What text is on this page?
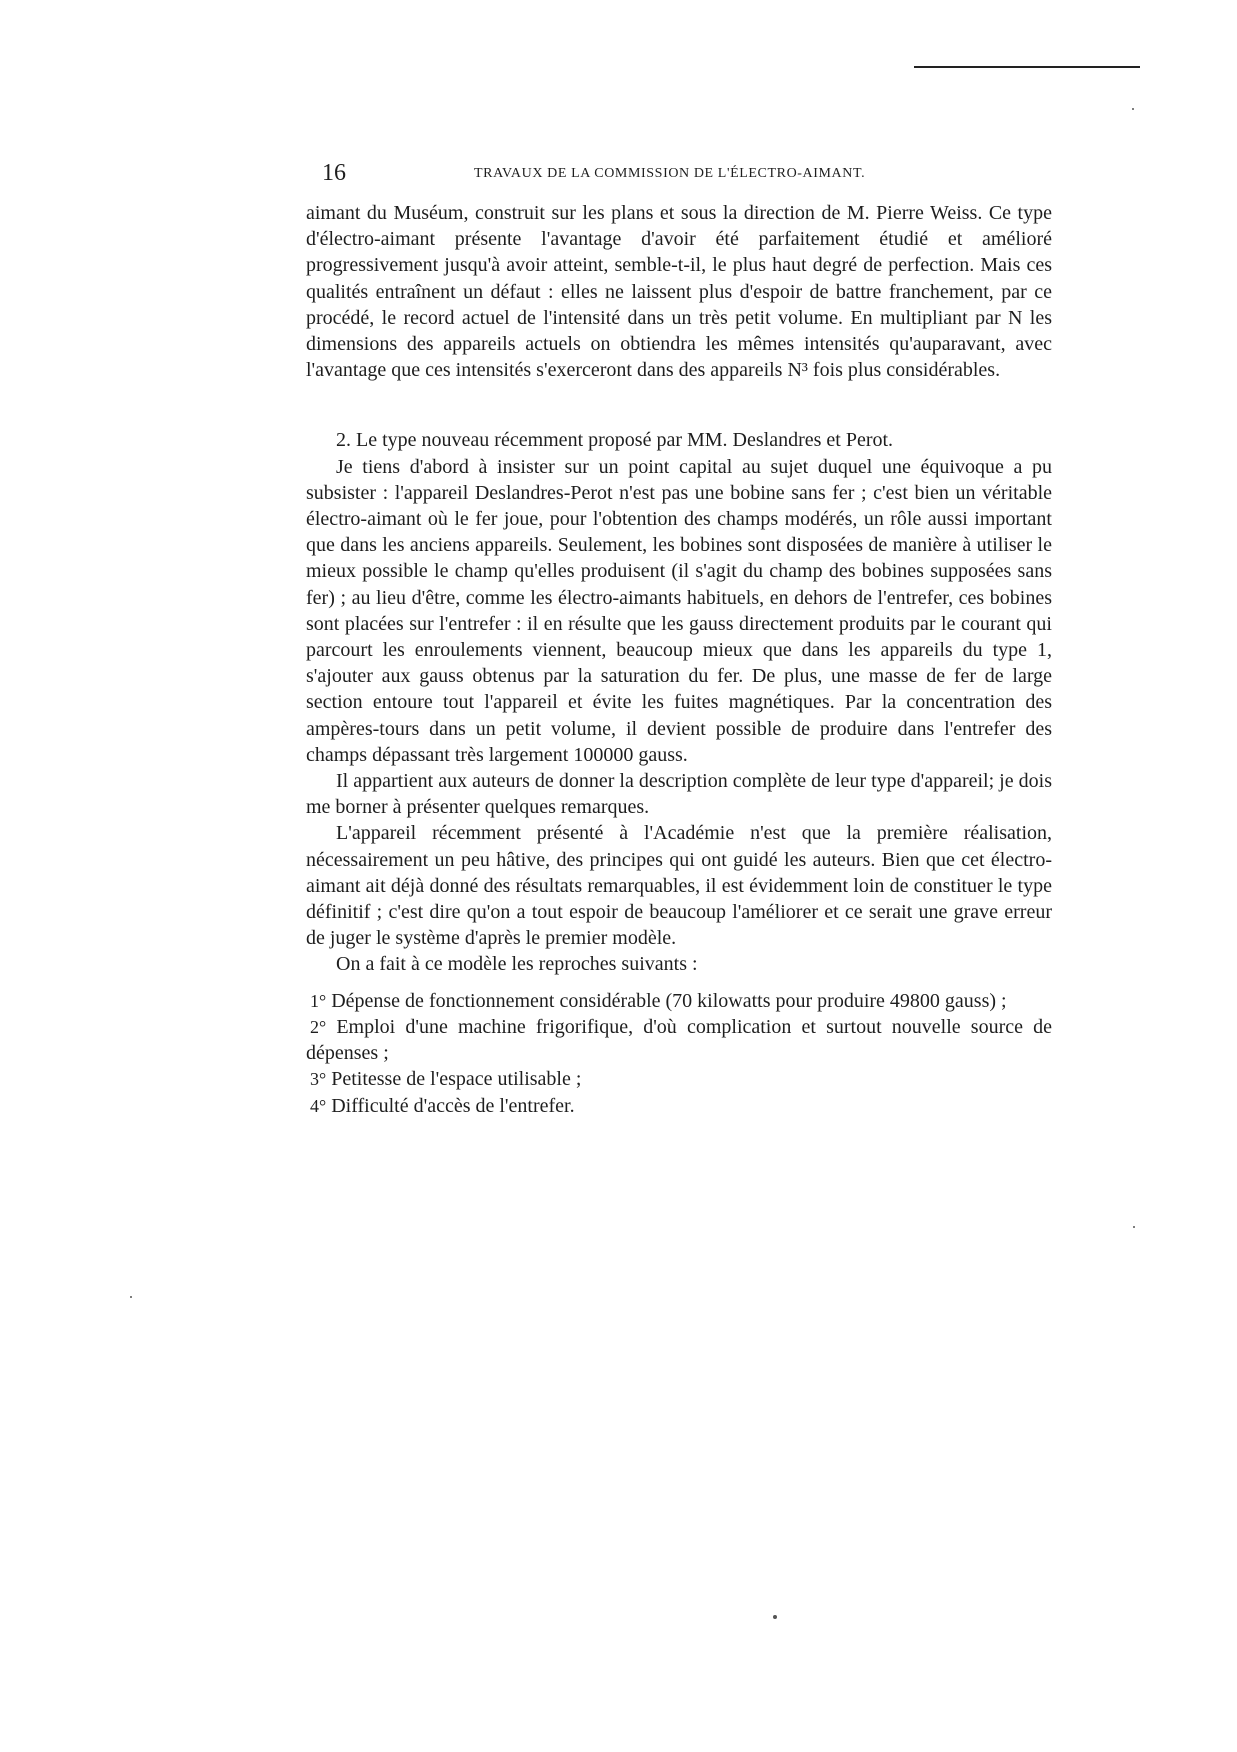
16	TRAVAUX DE LA COMMISSION DE L'ÉLECTRO-AIMANT.

aimant du Muséum, construit sur les plans et sous la direction de M. Pierre Weiss. Ce type d'électro-aimant présente l'avantage d'avoir été parfaitement étudié et amélioré progressivement jusqu'à avoir atteint, semble-t-il, le plus haut degré de perfection. Mais ces qualités entraînent un défaut : elles ne laissent plus d'espoir de battre franchement, par ce procédé, le record actuel de l'intensité dans un très petit volume. En multipliant par N les dimensions des appareils actuels on obtiendra les mêmes intensités qu'auparavant, avec l'avantage que ces intensités s'exerceront dans des appareils N³ fois plus considérables.

2. Le type nouveau récemment proposé par MM. Deslandres et Perot.

Je tiens d'abord à insister sur un point capital au sujet duquel une équivoque a pu subsister : l'appareil Deslandres-Perot n'est pas une bobine sans fer ; c'est bien un véritable électro-aimant où le fer joue, pour l'obtention des champs modérés, un rôle aussi important que dans les anciens appareils. Seulement, les bobines sont disposées de manière à utiliser le mieux possible le champ qu'elles produisent (il s'agit du champ des bobines supposées sans fer) ; au lieu d'être, comme les électro-aimants habituels, en dehors de l'entrefer, ces bobines sont placées sur l'entrefer : il en résulte que les gauss directement produits par le courant qui parcourt les enroulements viennent, beaucoup mieux que dans les appareils du type 1, s'ajouter aux gauss obtenus par la saturation du fer. De plus, une masse de fer de large section entoure tout l'appareil et évite les fuites magnétiques. Par la concentration des ampères-tours dans un petit volume, il devient possible de produire dans l'entrefer des champs dépassant très largement 100000 gauss.

Il appartient aux auteurs de donner la description complète de leur type d'appareil; je dois me borner à présenter quelques remarques.

L'appareil récemment présenté à l'Académie n'est que la première réalisation, nécessairement un peu hâtive, des principes qui ont guidé les auteurs. Bien que cet électro-aimant ait déjà donné des résultats remarquables, il est évidemment loin de constituer le type définitif ; c'est dire qu'on a tout espoir de beaucoup l'améliorer et ce serait une grave erreur de juger le système d'après le premier modèle.

On a fait à ce modèle les reproches suivants :

1° Dépense de fonctionnement considérable (70 kilowatts pour produire 49800 gauss) ;

2° Emploi d'une machine frigorifique, d'où complication et surtout nouvelle source de dépenses ;

3° Petitesse de l'espace utilisable ;

4° Difficulté d'accès de l'entrefer.
